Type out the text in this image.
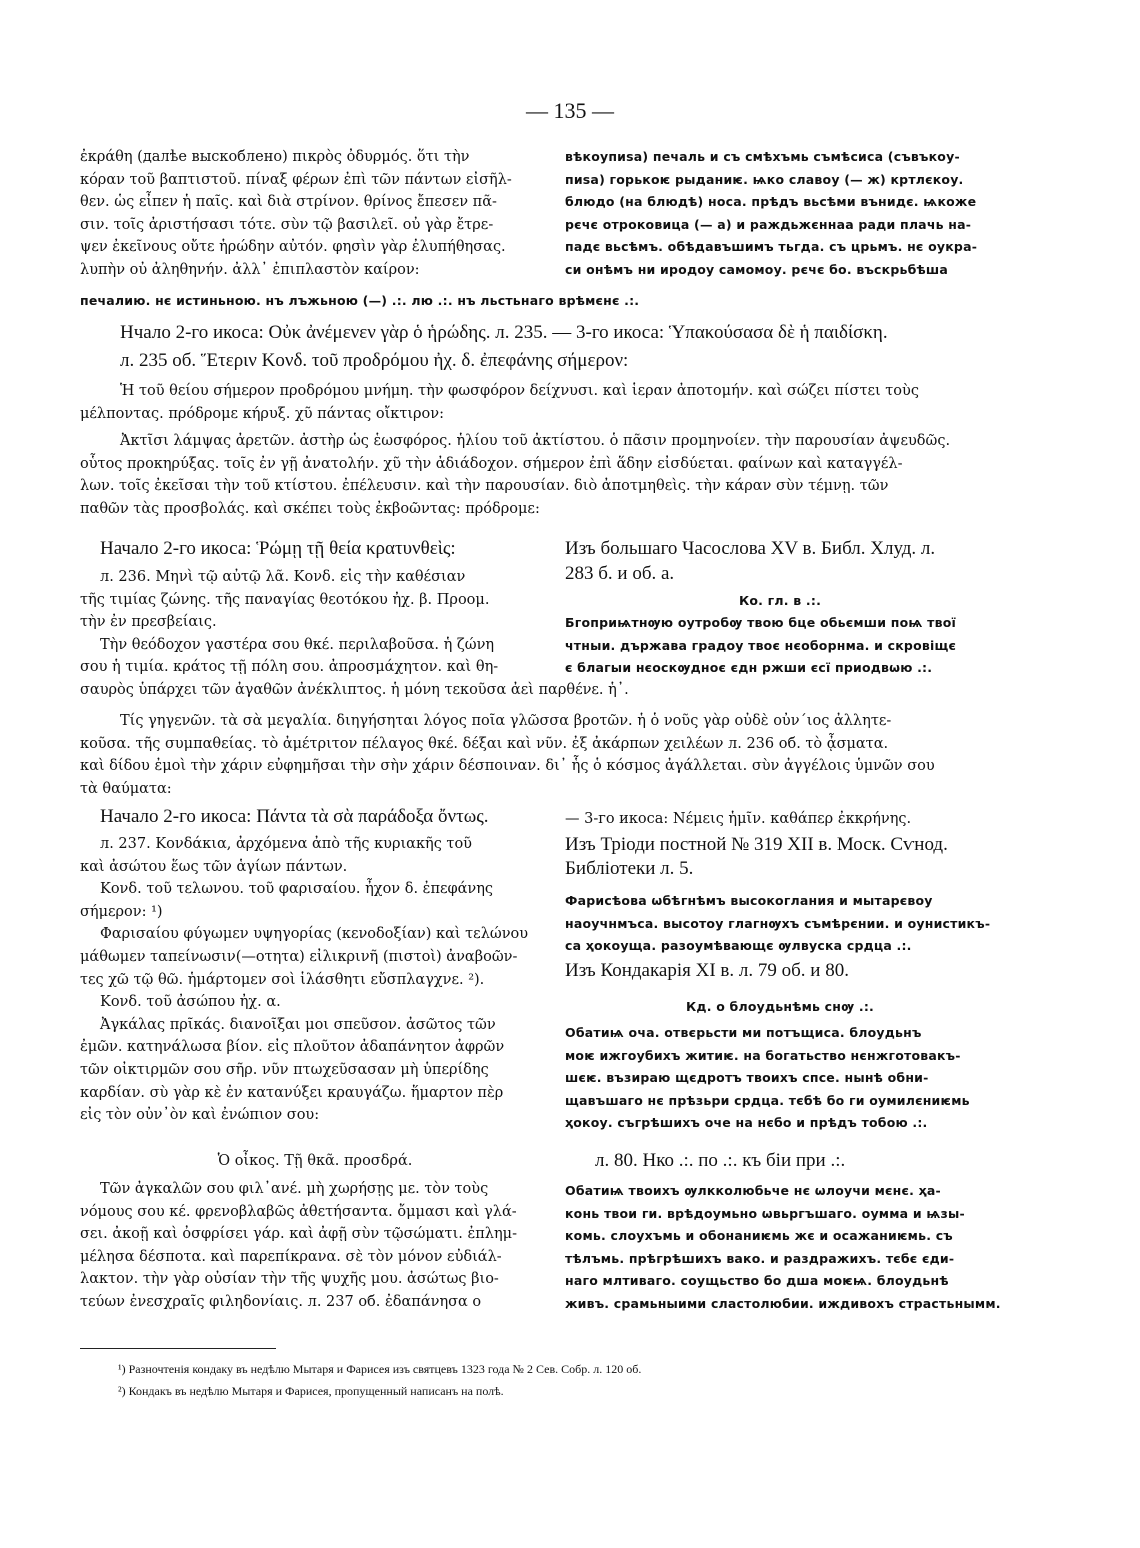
— 135 —
ἐκράθη (далѣе выскоблено) πικρὸς ὀδυρμός. ὅτι τὴν
κόραν τοῦ βαπτιστοῦ. πίναξ φέρων ἐπὶ τῶν πάντων εἰσῆλ-
θεν. ὡς εἶπεν ἡ παῖς. καὶ διὰ στρίνον. θρίνος ἔπεσεν πᾶ-
σιν. τοῖς ἀριστήσασι τότε. σὺν τῷ βασιλεῖ. οὐ γὰρ ἔτρε-
ψεν ἐκεῖνους οὔτε ἡρώδην αὐτόν. φησὶν γὰρ ἐλυπήθησας.
λυπὴν οὐ ἀληθηνήν. ἀλλ᾽ ἐπιπλαστὸν καίρον:
вѣкоупиѕа) печаль и съ смѣхъмь съмѣсиса (съвъкоу-
пиѕа) горькоѥ рыданиѥ. ѩко славоу (— ж) кртлєкоу.
блюдо (на блюдѣ) носа. прѣдъ вьсѣми вънидє. ѩкоже
рєчє отроковица (— а) и раждьжєннаа ради плачь на-
падє вьсѣмъ. обѣдавъшимъ тьгда. съ црьмъ. нє оукра-
си онѣмъ ни иродоу самомоу. рєчє бо. въскрьбѣша
печалию. нє истиньною. нъ лъжьною (—) .:. лю .:. нъ льстьнаго врѣмєнє .:.
Нчало 2-го икоса: Οὐκ ἀνέμενεν γὰρ ὁ ἡρώδης. л. 235. — 3-го икоса: Ὑπακούσασα δὲ ἡ παιδίσκη.
л. 235 об. Ἕτεριν Κονδ. τοῦ προδρόμου ἠχ. δ. ἐπεφάνης σήμερον:
Ἡ τοῦ θείου σήμερον προδρόμου μνήμη. τὴν φωσφόρον δείχνυσι. καὶ ἱεραν ἀποτομήν. καὶ σώζει πίστει τοὺς
μέλποντας. πρόδρομε κήρυξ. χῦ πάντας οἴκτιρον:
Ἀκτῖσι λάμψας ἀρετῶν. ἀστὴρ ὡς ἑωσφόρος. ἡλίου τοῦ ἀκτίστου. ὁ πᾶσιν προμηνοίεν. τὴν παρουσίαν ἀψευδῶς.
οὗτος προκηρύξας. τοῖς ἐν γῇ ἀνατολήν. χῦ τὴν ἀδιάδοχον. σήμερον ἐπὶ ἅδην εἰσδύεται. φαίνων καὶ καταγγέλ-
λων. τοῖς ἐκεῖσαι τὴν τοῦ κτίστου. ἐπέλευσιν. καὶ τὴν παρουσίαν. διὸ ἀποτμηθεὶς. τὴν κάραν σὺν τέμνῃ. τῶν
παθῶν τὰς προσβολάς. καὶ σκέπει τοὺς ἐκβοῶντας: πρόδρομε:
Начало 2-го икоса: Ῥώμῃ τῇ θεία κρατυνθεὶς:
л. 236. Μηνὶ τῷ αὐτῷ λᾶ. Κονδ. εἰς τὴν καθέσιαν
τῆς τιμίας ζώνης. τῆς παναγίας θεοτόκου ἠχ. β. Προομ.
τὴν ἐν πρεσβείαις.
Τὴν θεόδοχον γαστέρα σου θκέ. περιλαβοῦσα. ἡ ζώνη
σου ἡ τιμία. κράτος τῇ πόλη σου. ἀπροσμάχητον. καὶ θη-
σαυρὸς ὑπάρχει τῶν ἀγαθῶν ἀνέκλιπτος. ἡ μόνη τεκοῦσα ἀεὶ παρθένε. ἡ᾽.
Изъ большаго Часослова XV в. Библ. Хлуд. л.
283 б. и об. а.
Ко. гл. в .:.
Бгоприѩтнѹю оутробѹ твою бце обьємши поѩ твої
чтныи. държава градоу твоє нєоборнма. и скровіщє
є благыи нєоскѹдноє єдн ржши єсї приодвѡю .:.
Τίς γηγενῶν. τὰ σὰ μεγαλία. διηγήσηται λόγος ποῖα γλῶσσα βροτῶν. ἡ ὁ νοῦς γὰρ οὐδὲ οὐν´ιος ἀλλητε-
κοῦσα. τῆς συμπαθείας. τὸ ἀμέτριτον πέλαγος θκέ. δέξαι καὶ νῦν. ἐξ ἀκάρπων χειλέων л. 236 об. τὸ ᾆσματα.
καὶ δίδου ἐμοὶ τὴν χάριν εὐφημῆσαι τὴν σὴν χάριν δέσποιναν. δι᾽ ἧς ὁ κόσμος ἀγάλλεται. σὺν ἀγγέλοις ὑμνῶν σου
τὰ θαύματα:
Начало 2-го икоса: Πάντα τὰ σὰ παράδοξα ὄντως.
л. 237. Κονδάκια, ἀρχόμενα ἀπὸ τῆς κυριακῆς τοῦ
καὶ ἀσώτου ἕως τῶν ἁγίων πάντων.
Κονδ. τοῦ τελωνου. τοῦ φαρισαίου. ἦχον δ. ἐπεφάνης
σήμερον: ¹)
Φαρισαίου φύγωμεν υψηγορίας (κενοδοξίαν) καὶ τελώνου
μάθωμεν ταπείνωσιν(—οτητα) εἰλικρινῆ (πιστοὶ) ἀναβοῶν-
τες χῶ τῷ θῶ. ἡμάρτομεν σοὶ ἱλάσθητι εὔσπλαγχνε. ²).
Κονδ. τοῦ ἀσώπου ἠχ. α.
Ἀγκάλας πρῖκάς. διανοῖξαι μοι σπεῦσον. ἀσῶτος τῶν
ἐμῶν. κατηνάλωσα βίον. εἰς πλοῦτον ἀδαπάνητον ἀφρῶν
τῶν οἰκτιρμῶν σου σῆρ. νῦν πτωχεῦσασαν μὴ ὑπερίδης
καρδίαν. σὺ γὰρ κὲ ἐν κατανύξει κραυγάζω. ἥμαρτον πὲρ
εἰς τὸν οὐν᾽ὸν καὶ ἐνώπιον σου:
Ὁ οἶκος. Τῇ θκᾶ. προσδρά.
Τῶν ἀγκαλῶν σου φιλ᾽ανέ. μὴ χωρήσῃς με. τὸν τοὺς
νόμους σου κέ. φρενοβλαβῶς ἀθετήσαντα. ὄμμασι καὶ γλά-
σει. ἀκοῇ καὶ ὀσφρίσει γάρ. καὶ ἀφῇ σὺν τῷσώματι. ἐπλημ-
μέλησα δέσποτα. καὶ παρεπίκρανα. σὲ τὸν μόνον εὐδιάλ-
λακτον. τὴν γὰρ οὐσίαν τὴν τῆς ψυχῆς μου. ἀσώτως βιο-
τεύων ἐνεσχραῖς φιληδονίαις. л. 237 об. ἐδαπάνησα ο
— 3-го икоса: Νέμεις ἡμῖν. καθάπερ ἐκκρήνης.
Изъ Тріоди постной № 319 XII в. Моск. Сѵнод.
Библіотеки л. 5.
Фарисѣова ѡбѣгнѣмъ высокоглания и мытарєвоу
наоучнмъса. высотоу глагнѹхъ съмѣрєнии. и оунистикъ-
са ҳокоуща. разоумѣвающє ѹлвуска срдца .:.
Изъ Кондакарія XI в. л. 79 об. и 80.
Кд. о блоудьнѣмь снѹ .:.
Обатиѩ оча. отвєрьсти ми потъщиса. блоудьнъ
моѥ ижгоубихъ житиѥ. на богатьство нєнжготовакъ-
шєѥ. възираю щєдротъ твоихъ спсе. нынѣ обни-
щавъшаго нє прѣзьри срдца. тєбѣ бо ги оумилєниѥмь
ҳокоу. съгрѣшихъ оче на нєбо и прѣдъ тобою .:.
л. 80. Нко .:. по .:. къ біи при .:.
Обатиѩ твоихъ ѹлкколюбьче нє ѡлоучи мєнє. ҳа-
конь твои ги. врѣдоумьно ѡвьргъшаго. оумма и ѩзы-
комь. слоухъмь и обонаниѥмь жє и осажаниѥмь. съ
тѣлъмь. прѣгрѣшихъ вако. и раздражихъ. тєбє єди-
наго млтиваго. соущьство бо дша моѥѩ. блоудьнѣ
живъ. срамьныими сластолюбии. иждивохъ страстьнымм.
¹) Разночтенія кондаку въ недѣлю Мытаря и Фарисея изъ святцевъ 1323 года № 2 Сев. Собр. л. 120 об.
²) Кондакъ въ недѣлю Мытаря и Фарисея, пропущенный написанъ на полѣ.
